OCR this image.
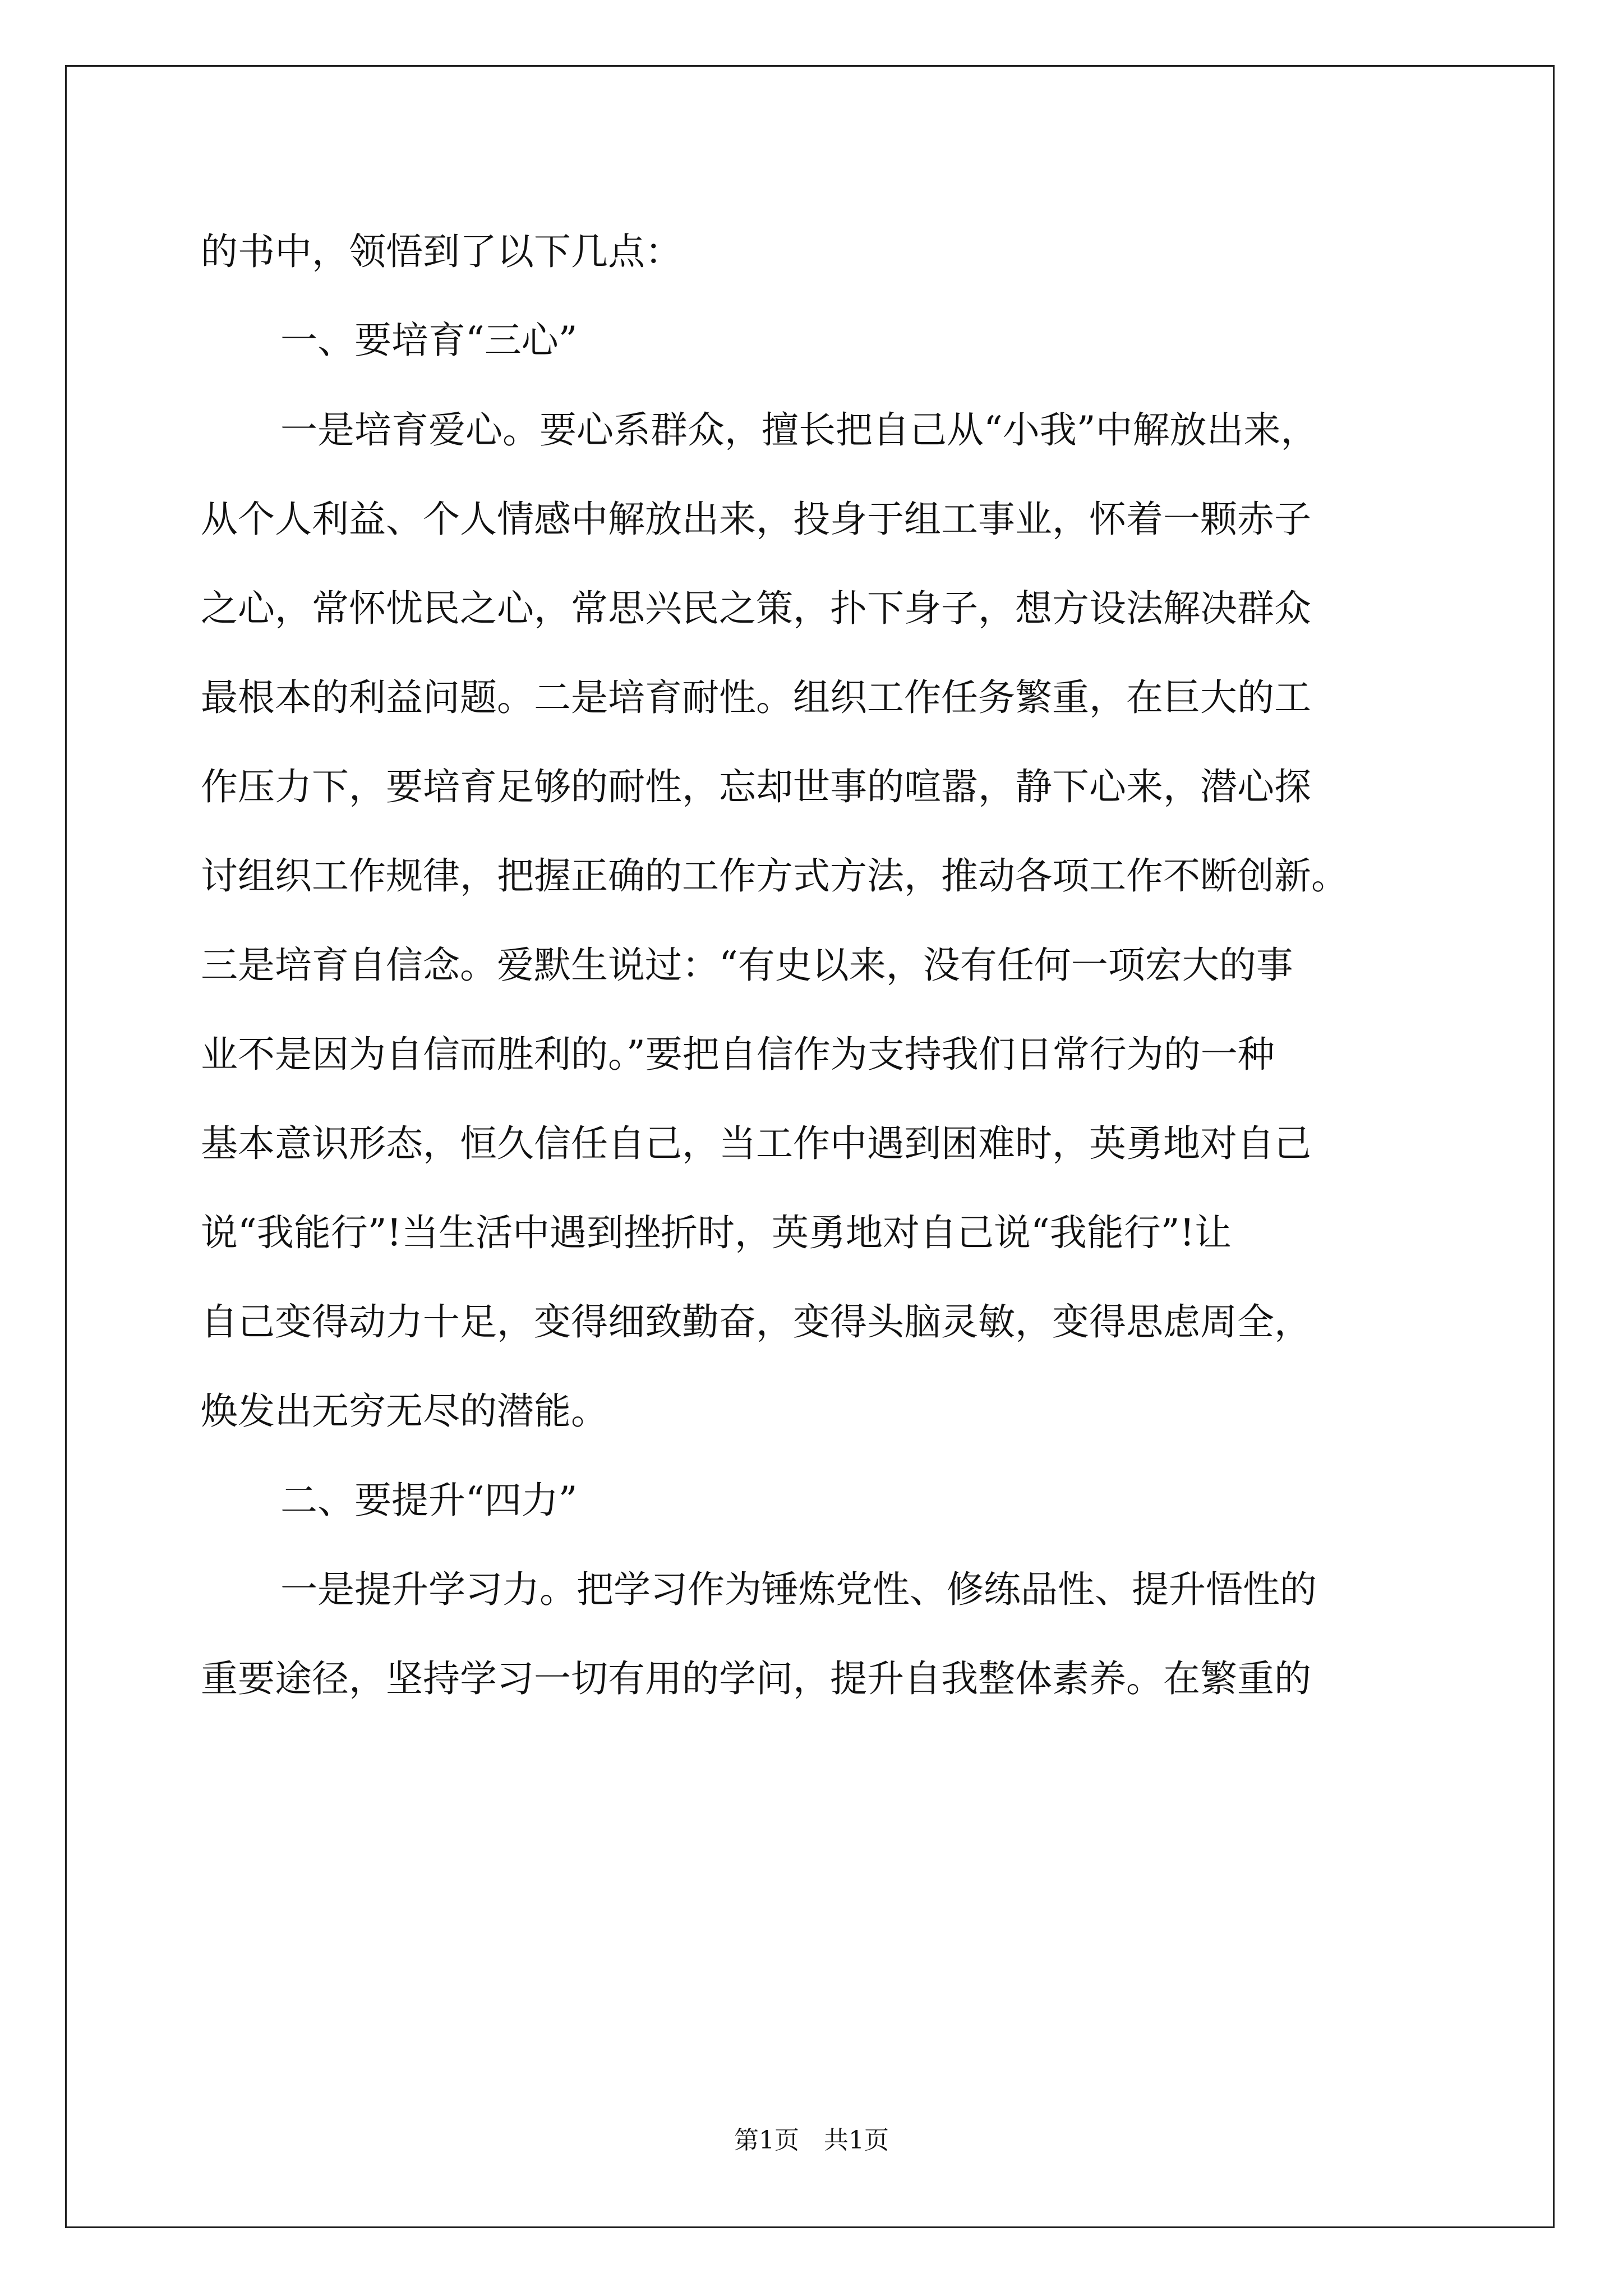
的书中，领悟到了以下几点：
一、要培育“三心”
一是培育爱心。要心系群众，擅长把自己从“小我”中解放出来，
从个人利益、个人情感中解放出来，投身于组工事业，怀着一颗赤子
之心，常怀忧民之心，常思兴民之策，扑下身子，想方设法解决群众
最根本的利益问题。二是培育耐性。组织工作任务繁重，在巨大的工
作压力下，要培育足够的耐性，忘却世事的喧嚣，静下心来，潜心探
讨组织工作规律，把握正确的工作方式方法，推动各项工作不断创新。
三是培育自信念。爱默生说过：“有史以来，没有任何一项宏大的事
业不是因为自信而胜利的。”要把自信作为支持我们日常行为的一种
基本意识形态，恒久信任自己，当工作中遇到困难时，英勇地对自己
说“我能行”!当生活中遇到挫折时，英勇地对自己说“我能行”!让
自己变得动力十足，变得细致勤奋，变得头脑灵敏，变得思虑周全，
焕发出无穷无尽的潜能。
二、要提升“四力”
一是提升学习力。把学习作为锤炼党性、修练品性、提升悟性的
重要途径，坚持学习一切有用的学问，提升自我整体素养。在繁重的
第1页　共1页
